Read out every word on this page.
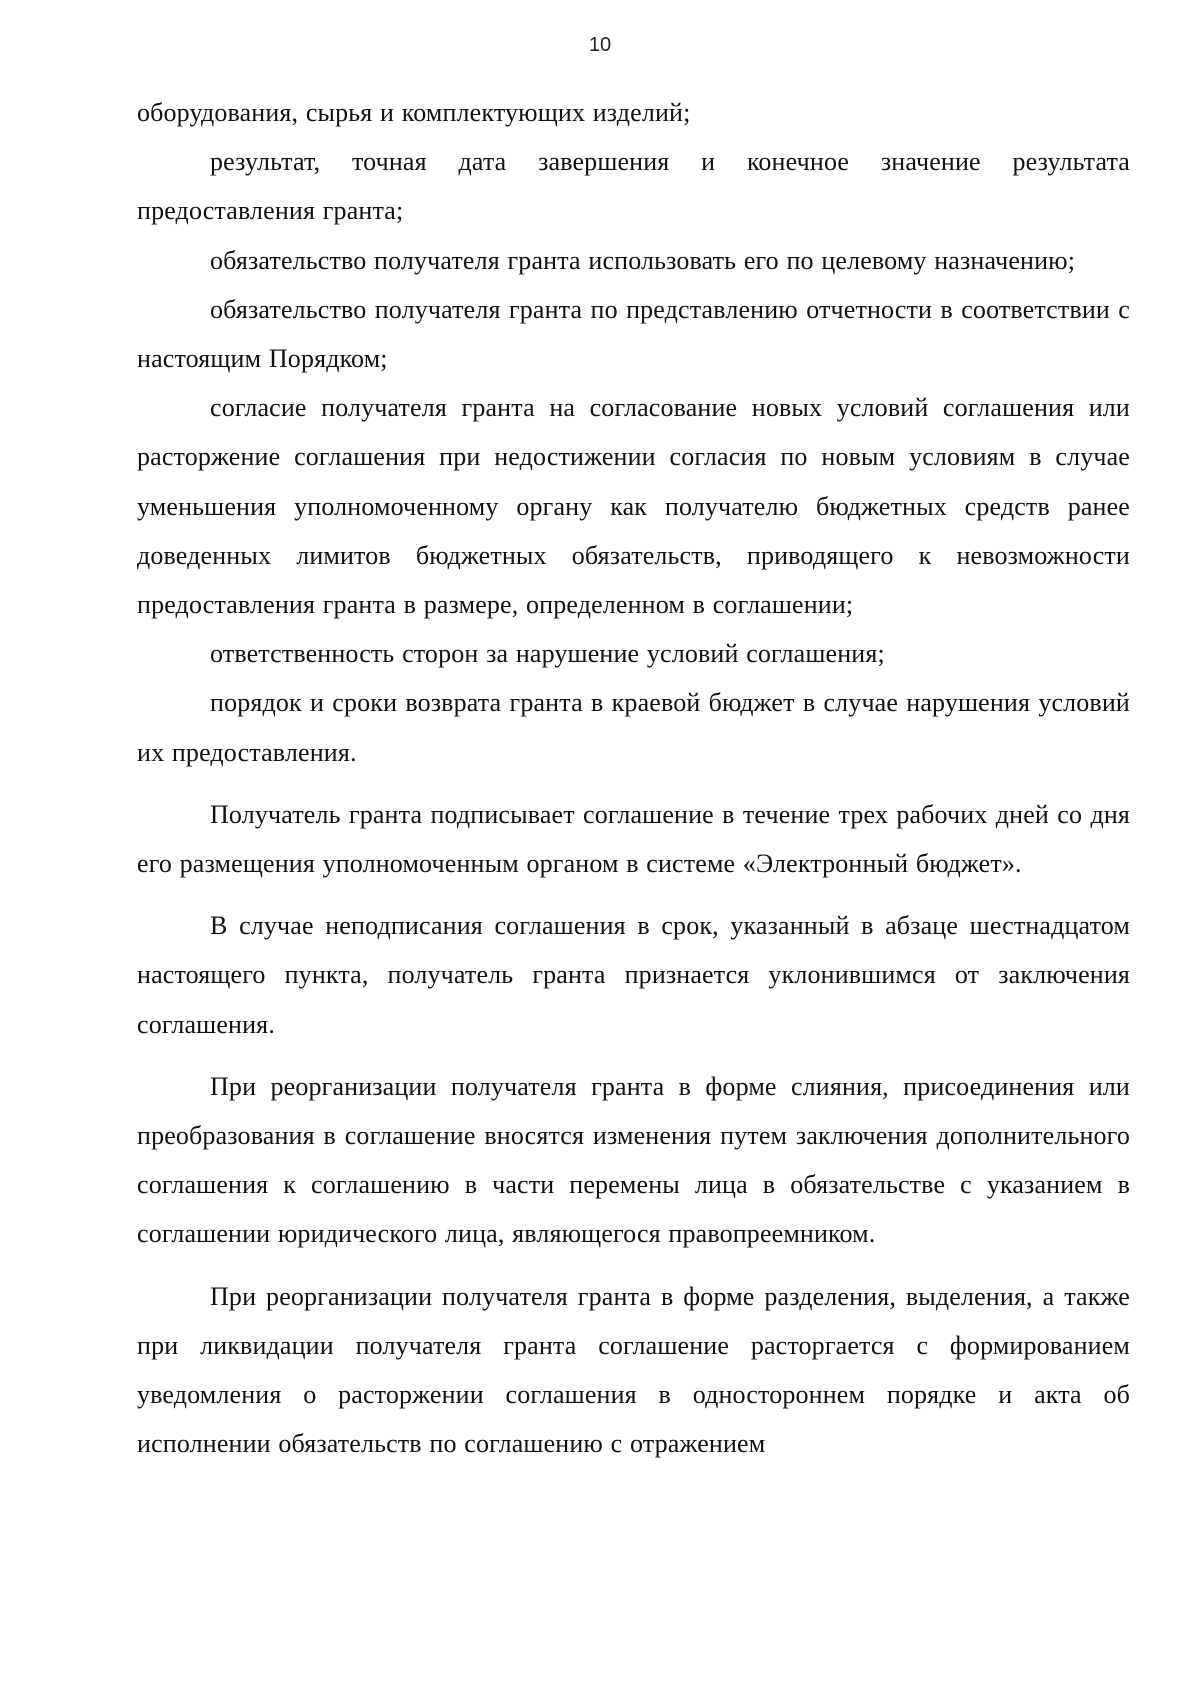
10

оборудования, сырья и комплектующих изделий;

результат, точная дата завершения и конечное значение результата предоставления гранта;

обязательство получателя гранта использовать его по целевому назначению;

обязательство получателя гранта по представлению отчетности в соответствии с настоящим Порядком;

согласие получателя гранта на согласование новых условий соглашения или расторжение соглашения при недостижении согласия по новым условиям в случае уменьшения уполномоченному органу как получателю бюджетных средств ранее доведенных лимитов бюджетных обязательств, приводящего к невозможности предоставления гранта в размере, определенном в соглашении;

ответственность сторон за нарушение условий соглашения;

порядок и сроки возврата гранта в краевой бюджет в случае нарушения условий их предоставления.

Получатель гранта подписывает соглашение в течение трех рабочих дней со дня его размещения уполномоченным органом в системе «Электронный бюджет».

В случае неподписания соглашения в срок, указанный в абзаце шестнадцатом настоящего пункта, получатель гранта признается уклонившимся от заключения соглашения.

При реорганизации получателя гранта в форме слияния, присоединения или преобразования в соглашение вносятся изменения путем заключения дополнительного соглашения к соглашению в части перемены лица в обязательстве с указанием в соглашении юридического лица, являющегося правопреемником.

При реорганизации получателя гранта в форме разделения, выделения, а также при ликвидации получателя гранта соглашение расторгается с формированием уведомления о расторжении соглашения в одностороннем порядке и акта об исполнении обязательств по соглашению с отражением
